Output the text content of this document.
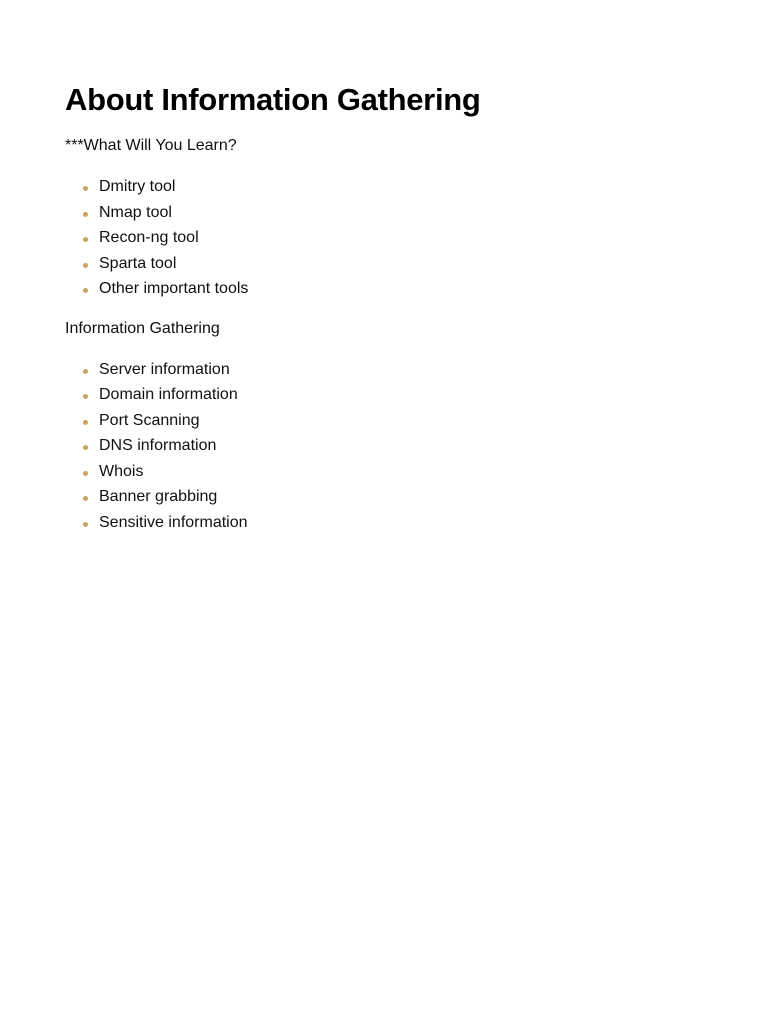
About Information Gathering

***What Will You Learn?

Dmitry tool
Nmap tool
Recon-ng tool
Sparta tool
Other important tools

Information Gathering

Server information
Domain information
Port Scanning
DNS information
Whois
Banner grabbing
Sensitive information
